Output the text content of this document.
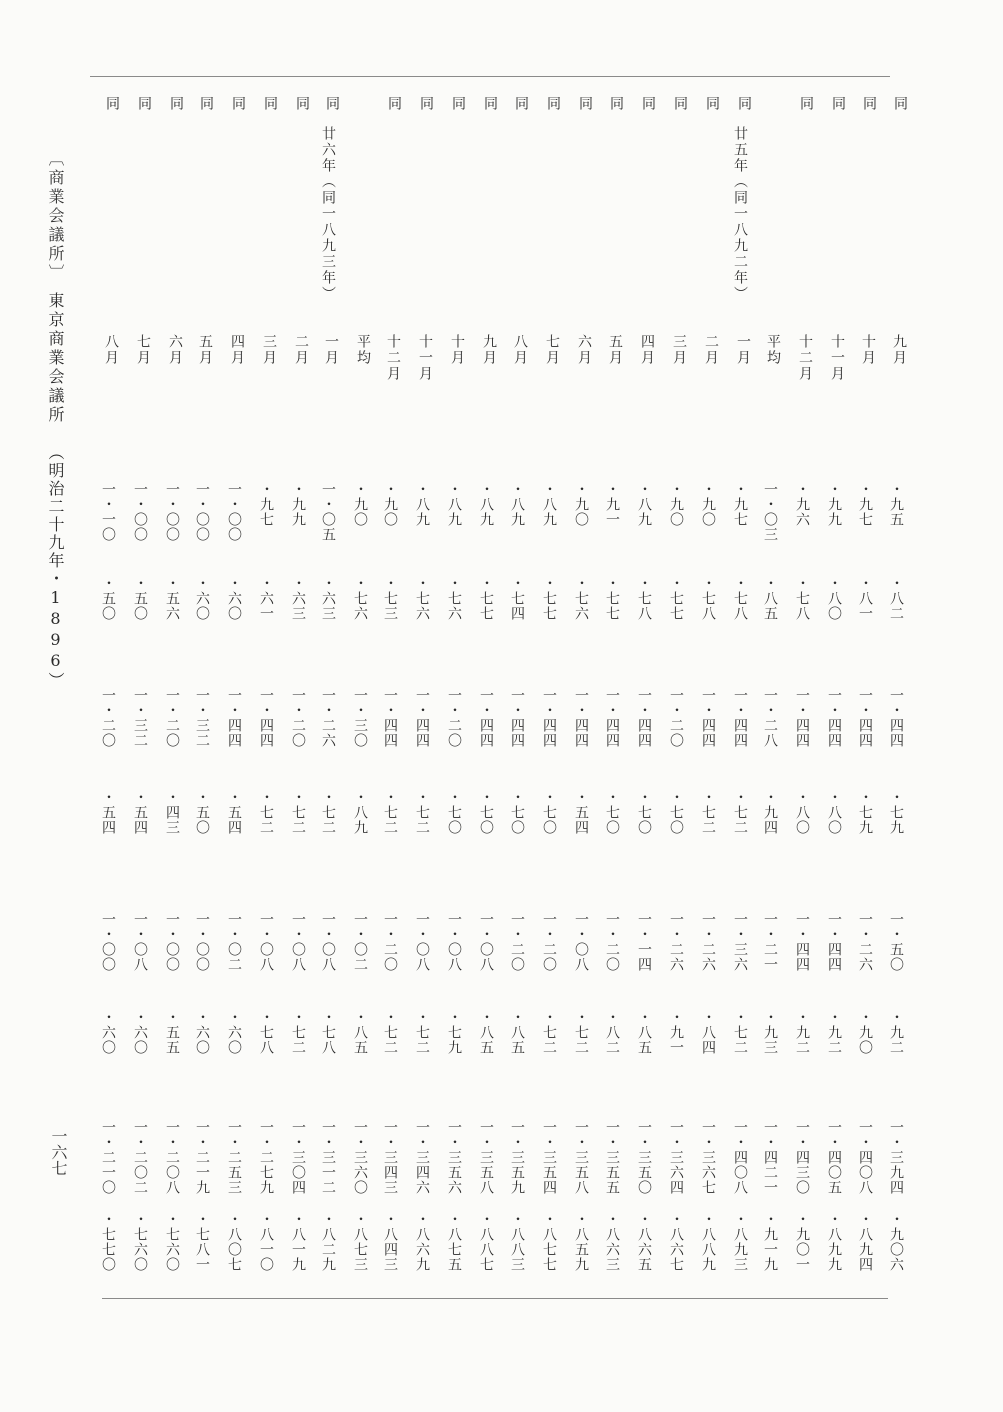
〔商業会議所〕
東京商業会議所
（明治二十九年・1896）
一六七
同
九月
・九五
・八二
一・四四
・七九
一・五〇
・九二
一・三九四
・九〇六
同
十月
・九七
・八一
一・四四
・七九
一・二六
・九〇
一・四〇八
・八九四
同
十一月
・九九
・八〇
一・四四
・八〇
一・四四
・九二
一・四〇五
・八九九
同
十二月
・九六
・七八
一・四四
・八〇
一・四四
・九二
一・四三〇
・九〇一
平均
一・〇三
・八五
一・二八
・九四
一・二一
・九三
一・四二一
・九一九
同
廿五年（同一八九二年）
一月
・九七
・七八
一・四四
・七二
一・三六
・七二
一・四〇八
・八九三
同
二月
・九〇
・七八
一・四四
・七二
一・二六
・八四
一・三六七
・八八九
同
三月
・九〇
・七七
一・二〇
・七〇
一・二六
・九一
一・三六四
・八六七
同
四月
・八九
・七八
一・四四
・七〇
一・一四
・八五
一・三五〇
・八六五
同
五月
・九一
・七七
一・四四
・七〇
一・二〇
・八二
一・三五五
・八六三
同
六月
・九〇
・七六
一・四四
・五四
一・〇八
・七二
一・三五八
・八五九
同
七月
・八九
・七七
一・四四
・七〇
一・二〇
・七二
一・三五四
・八七七
同
八月
・八九
・七四
一・四四
・七〇
一・二〇
・八五
一・三五九
・八八三
同
九月
・八九
・七七
一・四四
・七〇
一・〇八
・八五
一・三五八
・八八七
同
十月
・八九
・七六
一・二〇
・七〇
一・〇八
・七九
一・三五六
・八七五
同
十一月
・八九
・七六
一・四四
・七二
一・〇八
・七二
一・三四六
・八六九
同
十二月
・九〇
・七三
一・四四
・七二
一・二〇
・七二
一・三四三
・八四三
平均
・九〇
・七六
一・三〇
・八九
一・〇二
・八五
一・三六〇
・八七三
同
廿六年（同一八九三年）
一月
一・〇五
・六三
一・二六
・七二
一・〇八
・七八
一・三一二
・八二九
同
二月
・九九
・六三
一・二〇
・七二
一・〇八
・七二
一・三〇四
・八一九
同
三月
・九七
・六一
一・四四
・七二
一・〇八
・七八
一・二七九
・八一〇
同
四月
一・〇〇
・六〇
一・四四
・五四
一・〇二
・六〇
一・二五三
・八〇七
同
五月
一・〇〇
・六〇
一・三二
・五〇
一・〇〇
・六〇
一・二一九
・七八一
同
六月
一・〇〇
・五六
一・二〇
・四三
一・〇〇
・五五
一・二〇八
・七六〇
同
七月
一・〇〇
・五〇
一・三二
・五四
一・〇八
・六〇
一・二〇二
・七六〇
同
八月
一・一〇
・五〇
一・二〇
・五四
一・〇〇
・六〇
一・二一〇
・七七〇
